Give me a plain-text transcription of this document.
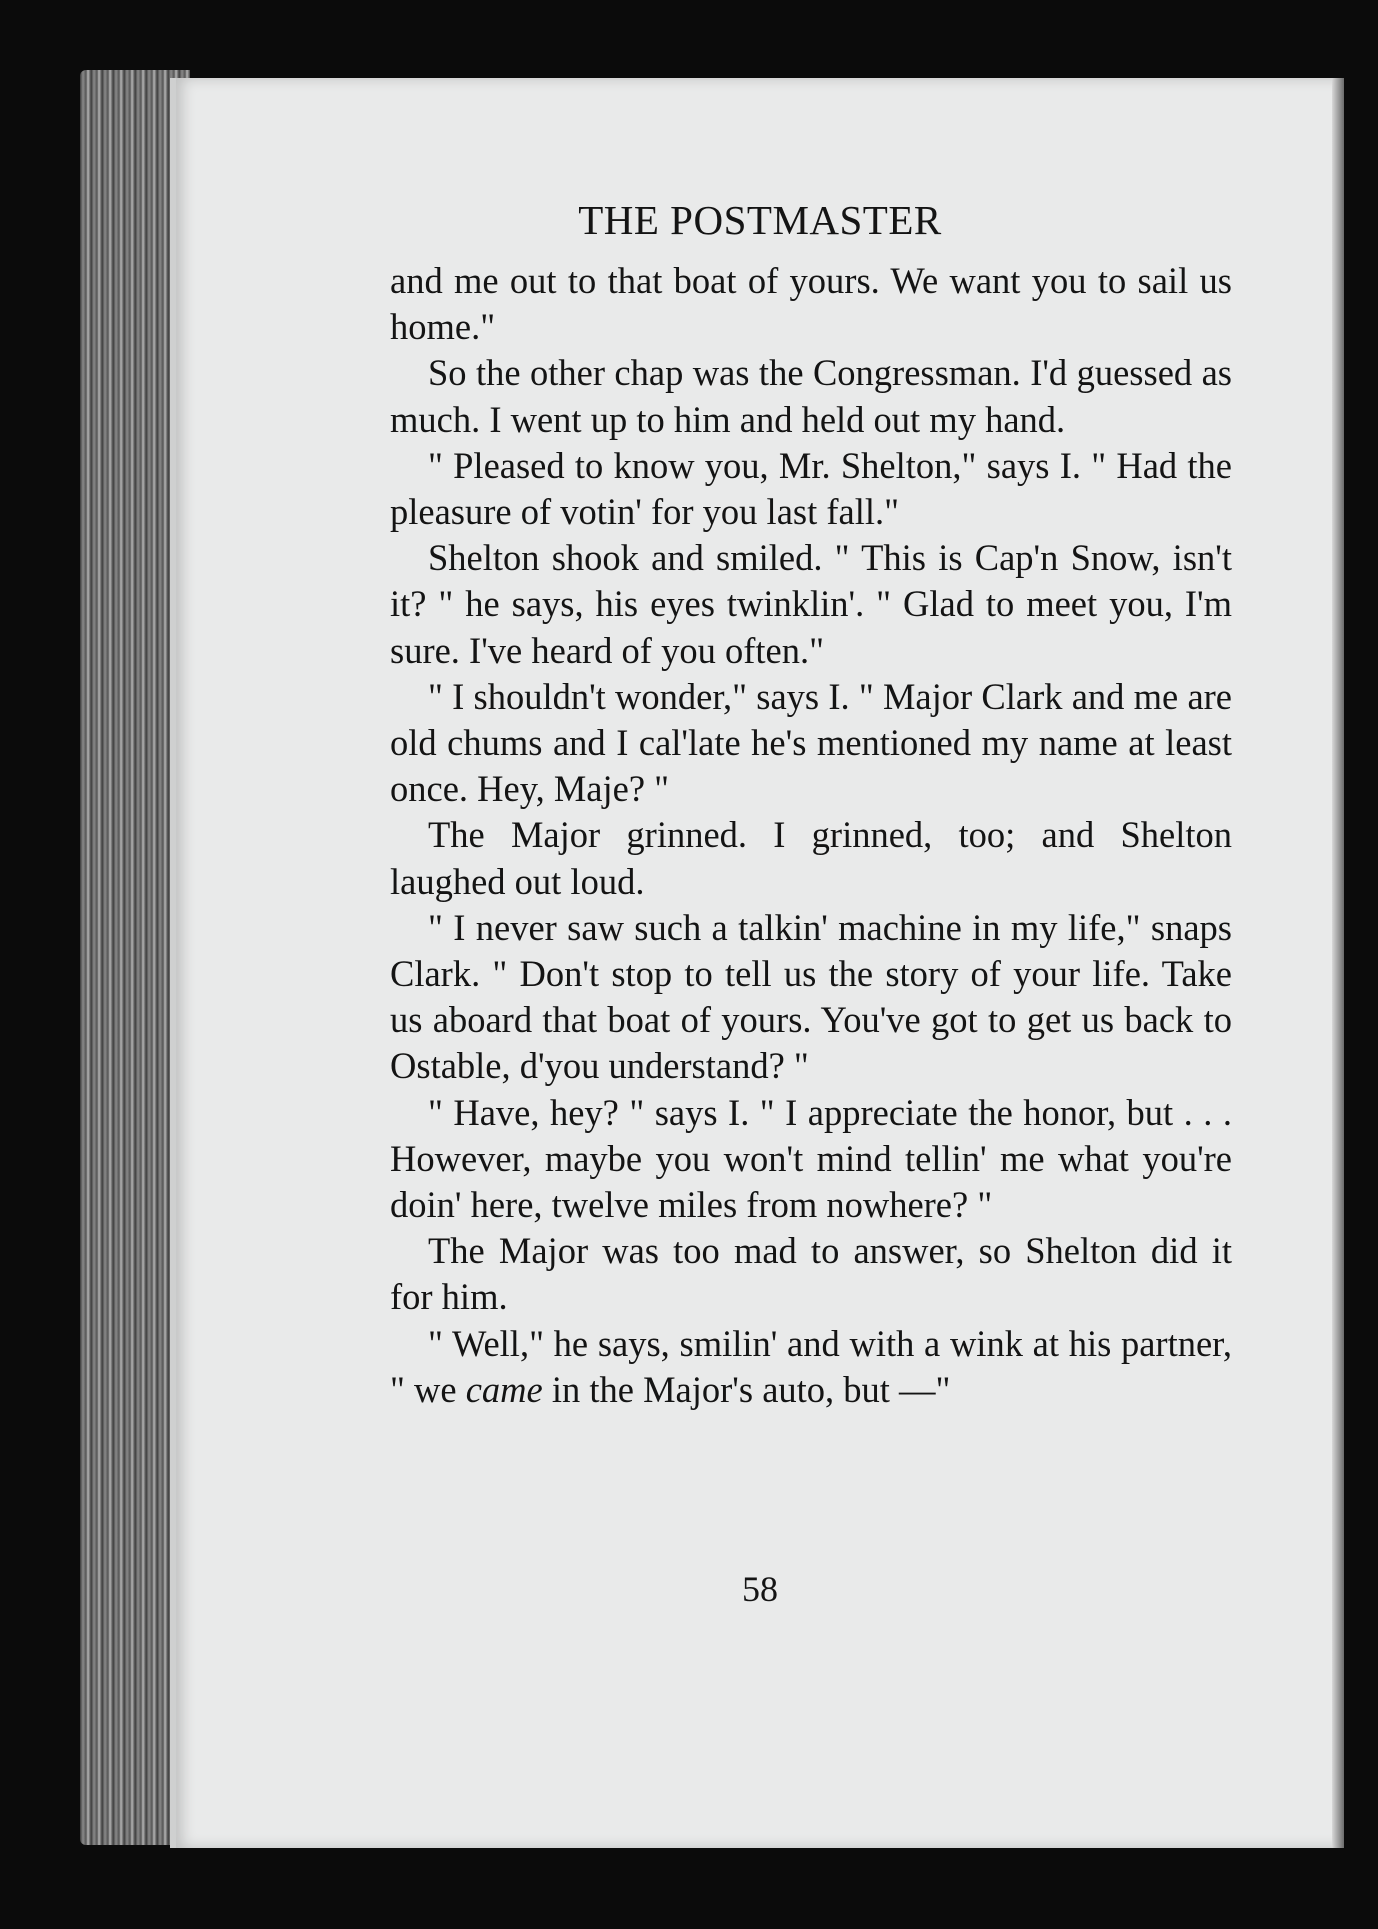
THE POSTMASTER

and me out to that boat of yours. We want you to sail us home."

So the other chap was the Congressman. I'd guessed as much. I went up to him and held out my hand.

" Pleased to know you, Mr. Shelton," says I. " Had the pleasure of votin' for you last fall."

Shelton shook and smiled. " This is Cap'n Snow, isn't it? " he says, his eyes twinklin'. " Glad to meet you, I'm sure. I've heard of you often."

" I shouldn't wonder," says I. " Major Clark and me are old chums and I cal'late he's mentioned my name at least once. Hey, Maje? "

The Major grinned. I grinned, too; and Shelton laughed out loud.

" I never saw such a talkin' machine in my life," snaps Clark. " Don't stop to tell us the story of your life. Take us aboard that boat of yours. You've got to get us back to Ostable, d'you understand? "

" Have, hey? " says I. " I appreciate the honor, but . . . However, maybe you won't mind tellin' me what you're doin' here, twelve miles from nowhere? "

The Major was too mad to answer, so Shelton did it for him.

" Well," he says, smilin' and with a wink at his partner, " we came in the Major's auto, but —"

58
